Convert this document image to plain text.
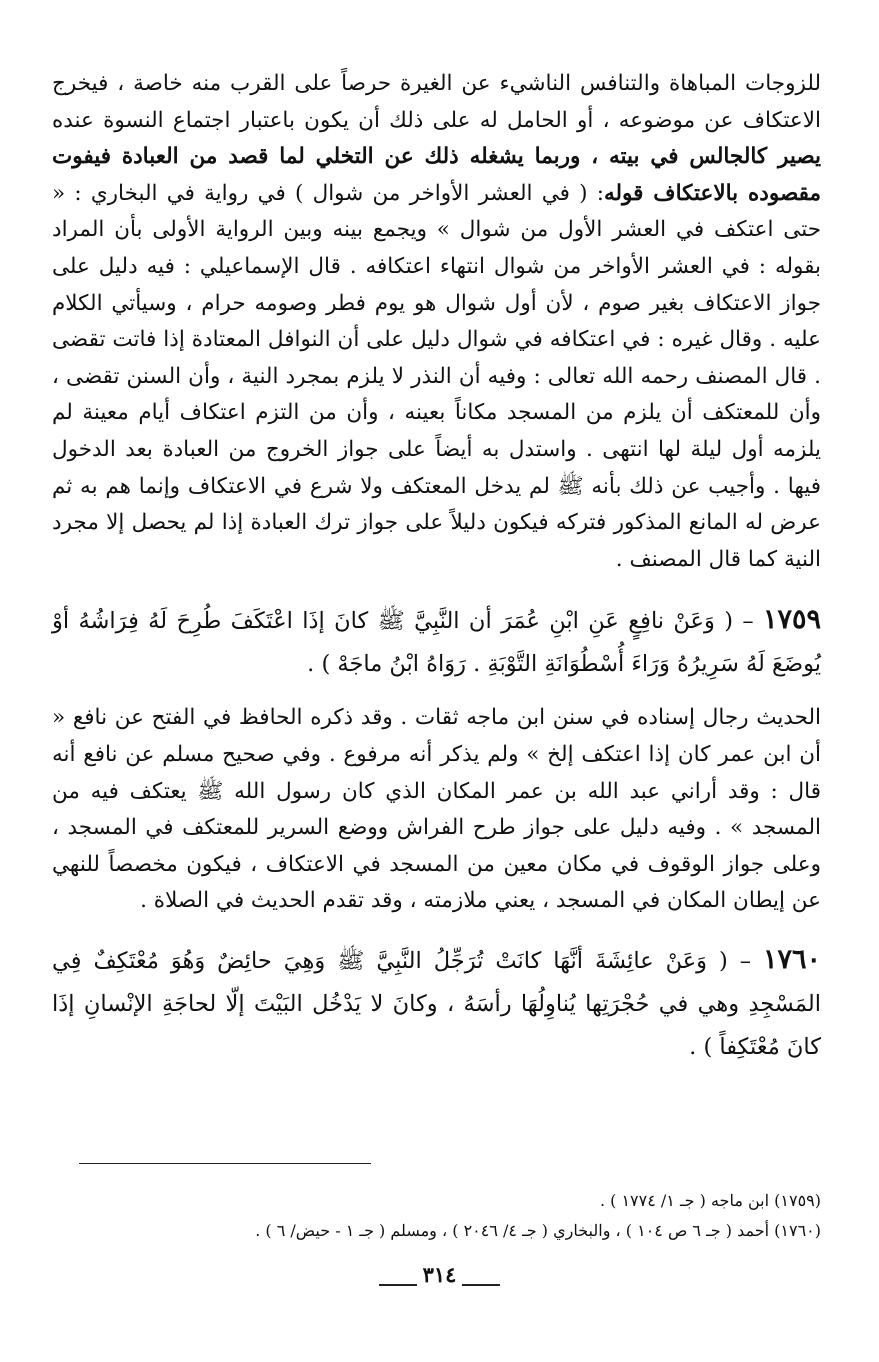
للزوجات المباهاة والتنافس الناشيء عن الغيرة حرصاً على القرب منه خاصة ، فيخرج الاعتكاف عن موضوعه ، أو الحامل له على ذلك أن يكون باعتبار اجتماع النسوة عنده يصير كالجالس في بيته ، وربما يشغله ذلك عن التخلي لما قصد من العبادة فيفوت مقصوده بالاعتكاف قوله: ( في العشر الأواخر من شوال ) في رواية في البخاري : « حتى اعتكف في العشر الأول من شوال » ويجمع بينه وبين الرواية الأولى بأن المراد بقوله : في العشر الأواخر من شوال انتهاء اعتكافه . قال الإسماعيلي : فيه دليل على جواز الاعتكاف بغير صوم ، لأن أول شوال هو يوم فطر وصومه حرام ، وسيأتي الكلام عليه . وقال غيره : في اعتكافه في شوال دليل على أن النوافل المعتادة إذا فاتت تقضى . قال المصنف رحمه الله تعالى : وفيه أن النذر لا يلزم بمجرد النية ، وأن السنن تقضى ، وأن للمعتكف أن يلزم من المسجد مكاناً بعينه ، وأن من التزم اعتكاف أيام معينة لم يلزمه أول ليلة لها انتهى . واستدل به أيضاً على جواز الخروج من العبادة بعد الدخول فيها . وأجيب عن ذلك بأنه ﷺ لم يدخل المعتكف ولا شرع في الاعتكاف وإنما هم به ثم عرض له المانع المذكور فتركه فيكون دليلاً على جواز ترك العبادة إذا لم يحصل إلا مجرد النية كما قال المصنف .

١٧٥٩ – ( وَعَنْ نافِعٍ عَنِ ابْنِ عُمَرَ أن النَّبِيَّ ﷺ كانَ إذَا اعْتَكَفَ طُرِحَ لَهُ فِرَاشُهُ أوْ يُوضَعَ لَهُ سَرِيرُهُ وَرَاءَ أُسْطُوَانَةِ التَّوْبَةِ . رَوَاهُ ابْنُ ماجَهْ ) .

الحديث رجال إسناده في سنن ابن ماجه ثقات . وقد ذكره الحافظ في الفتح عن نافع « أن ابن عمر كان إذا اعتكف إلخ » ولم يذكر أنه مرفوع . وفي صحيح مسلم عن نافع أنه قال : وقد أراني عبد الله بن عمر المكان الذي كان رسول الله ﷺ يعتكف فيه من المسجد » . وفيه دليل على جواز طرح الفراش ووضع السرير للمعتكف في المسجد ، وعلى جواز الوقوف في مكان معين من المسجد في الاعتكاف ، فيكون مخصصاً للنهي عن إيطان المكان في المسجد ، يعني ملازمته ، وقد تقدم الحديث في الصلاة .

١٧٦٠ – ( وَعَنْ عائِشَةَ أنَّهَا كانَتْ تُرَجِّلُ النَّبِيَّ ﷺ وَهِيَ حائِضٌ وَهُوَ مُعْتَكِفٌ فِي المَسْجِدِ وهي في حُجْرَتِها يُناوِلُهَا رأسَهُ ، وكانَ لا يَدْخُل البَيْتَ إلّا لحاجَةِ الإنْسانِ إذَا كانَ مُعْتَكِفاً ) .

(١٧٥٩) ابن ماجه ( جـ ١/ ١٧٧٤ ) .

(١٧٦٠) أحمد ( جـ ٦ ص ١٠٤ ) ، والبخاري ( جـ ٤/ ٢٠٤٦ ) ، ومسلم ( جـ ١ - حيض/ ٦ ) .

٣١٤
